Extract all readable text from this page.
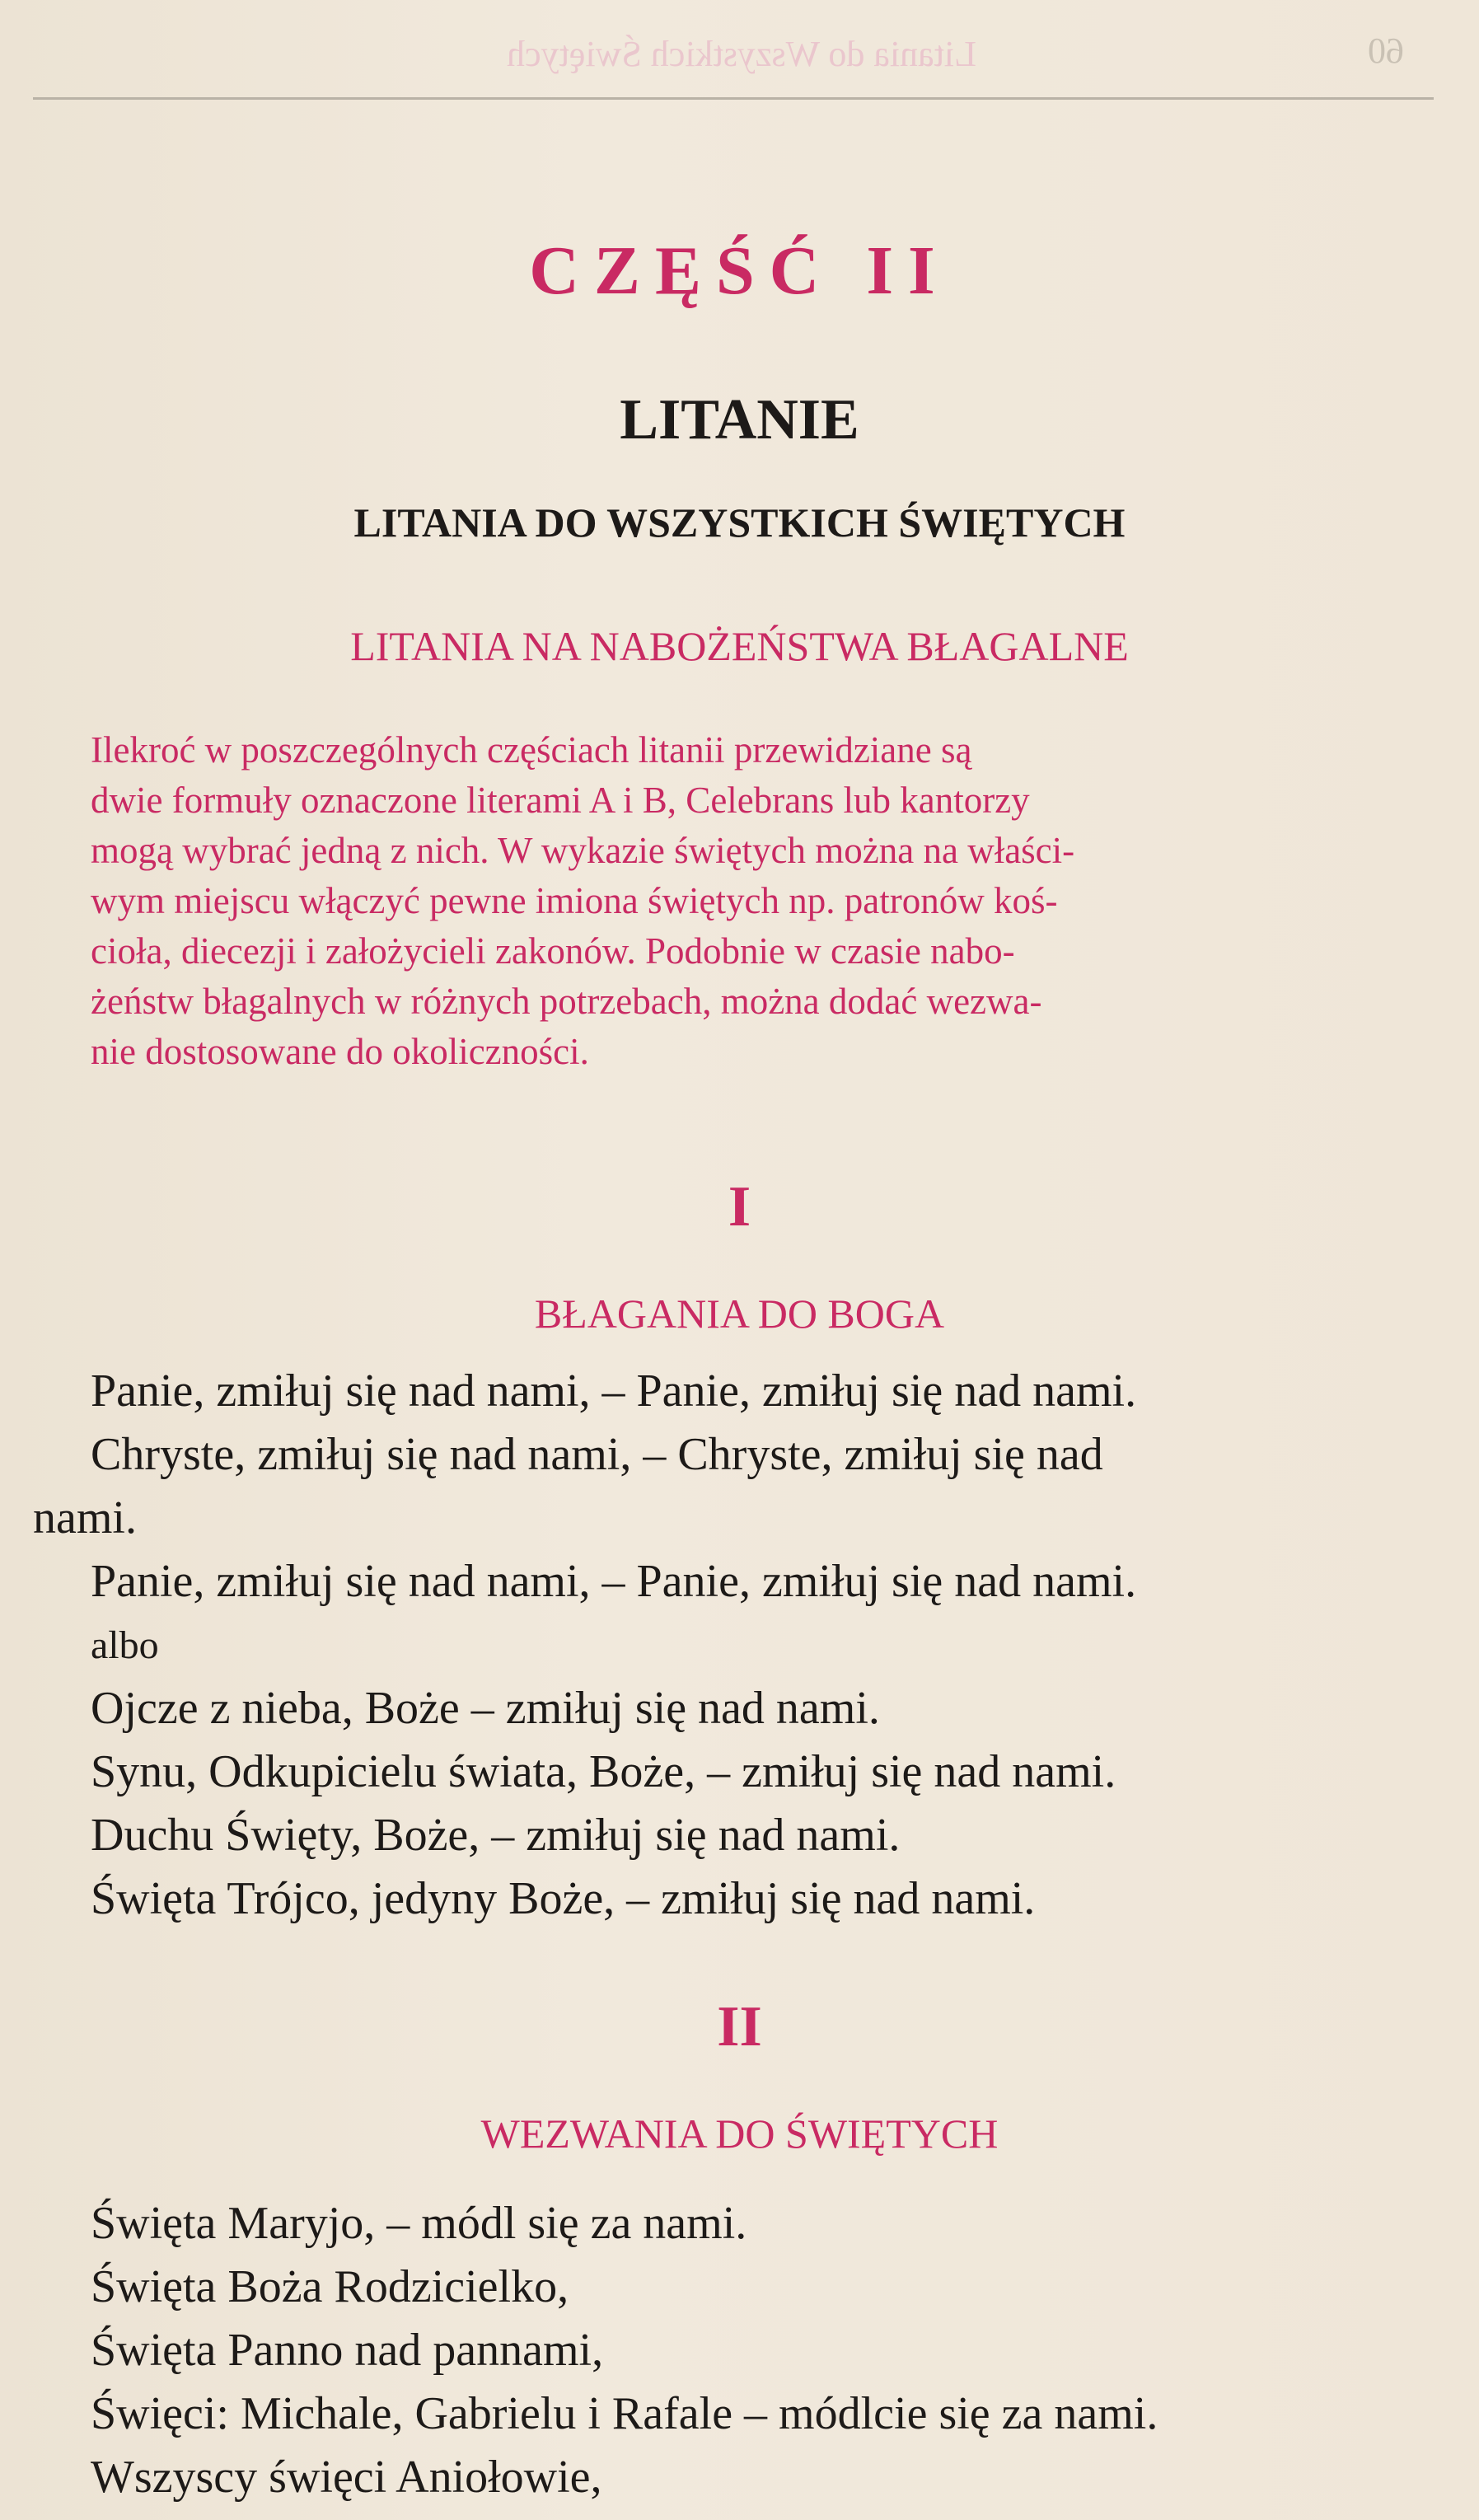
Litania do Wszystkich Świętych	60
CZĘŚĆ II
LITANIE
LITANIA DO WSZYSTKICH ŚWIĘTYCH
LITANIA NA NABOŻEŃSTWA BŁAGALNE

Ilekroć w poszczególnych częściach litanii przewidziane są

dwie formuły oznaczone literami A i B, Celebrans lub kantorzy

mogą wybrać jedną z nich. W wykazie świętych można na właści-

wym miejscu włączyć pewne imiona świętych np. patronów koś-

cioła, diecezji i założycieli zakonów. Podobnie w czasie nabo-

żeństw błagalnych w różnych potrzebach, można dodać wezwa-

nie dostosowane do okoliczności.

I
BŁAGANIA DO BOGA
Panie, zmiłuj się nad nami, – Panie, zmiłuj się nad nami.
Chryste, zmiłuj się nad nami, – Chryste, zmiłuj się nad
nami.
Panie, zmiłuj się nad nami, – Panie, zmiłuj się nad nami.
albo
Ojcze z nieba, Boże – zmiłuj się nad nami.
Synu, Odkupicielu świata, Boże, – zmiłuj się nad nami.
Duchu Święty, Boże, – zmiłuj się nad nami.
Święta Trójco, jedyny Boże, – zmiłuj się nad nami.
II
WEZWANIA DO ŚWIĘTYCH
Święta Maryjo, – módl się za nami.
Święta Boża Rodzicielko,
Święta Panno nad pannami,
Święci: Michale, Gabrielu i Rafale – módlcie się za nami.
Wszyscy święci Aniołowie,
